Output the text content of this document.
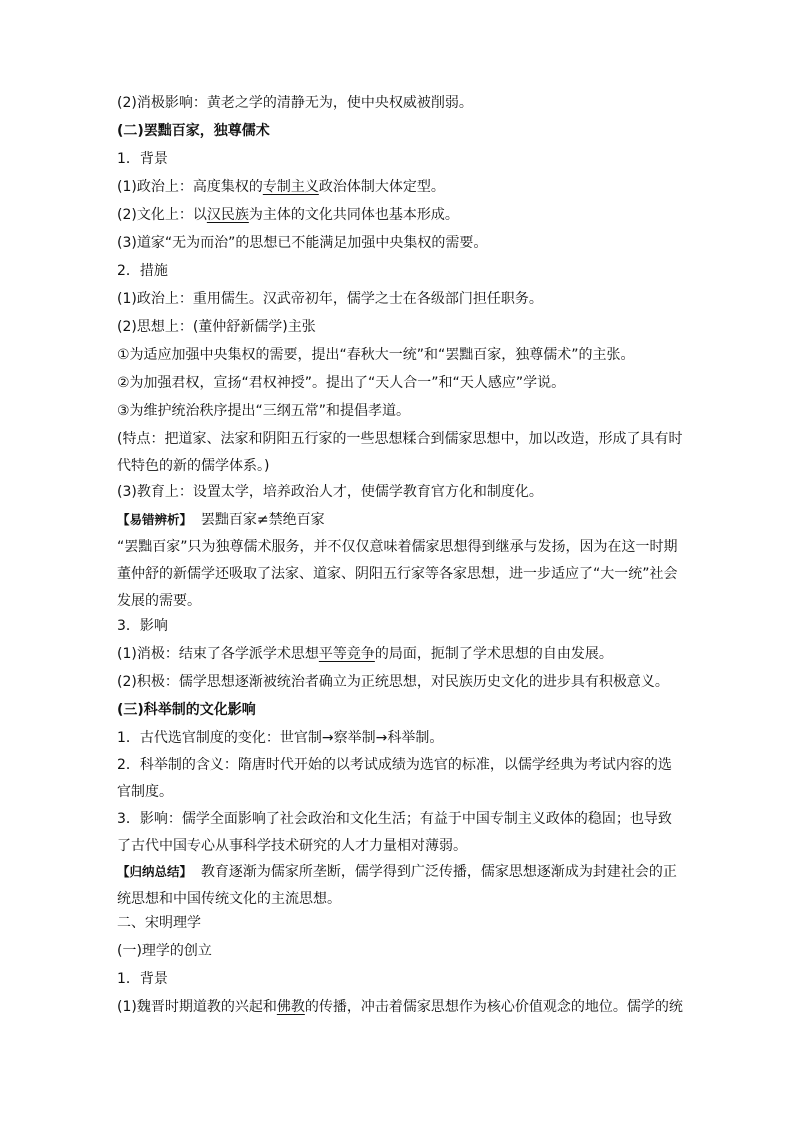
(2)消极影响：黄老之学的清静无为，使中央权威被削弱。
(二)罢黜百家，独尊儒术
1．背景
(1)政治上：高度集权的专制主义政治体制大体定型。
(2)文化上：以汉民族为主体的文化共同体也基本形成。
(3)道家“无为而治”的思想已不能满足加强中央集权的需要。
2．措施
(1)政治上：重用儒生。汉武帝初年，儒学之士在各级部门担任职务。
(2)思想上：(董仲舒新儒学)主张
①为适应加强中央集权的需要，提出“春秋大一统”和“罢黜百家，独尊儒术”的主张。
②为加强君权，宣扬“君权神授”。提出了“天人合一”和“天人感应”学说。
③为维护统治秩序提出“三纲五常”和提倡孝道。
(特点：把道家、法家和阴阳五行家的一些思想糅合到儒家思想中，加以改造，形成了具有时代特色的新的儒学体系。)
(3)教育上：设置太学，培养政治人才，使儒学教育官方化和制度化。
【易错辨析】 罢黜百家≠禁绝百家
“罢黜百家”只为独尊儒术服务，并不仅仅意味着儒家思想得到继承与发扬，因为在这一时期董仲舒的新儒学还吸取了法家、道家、阴阳五行家等各家思想，进一步适应了“大一统”社会发展的需要。
3．影响
(1)消极：结束了各学派学术思想平等竞争的局面，扼制了学术思想的自由发展。
(2)积极：儒学思想逐渐被统治者确立为正统思想，对民族历史文化的进步具有积极意义。
(三)科举制的文化影响
1．古代选官制度的变化：世官制→察举制→科举制。
2．科举制的含义：隋唐时代开始的以考试成绩为选官的标准，以儒学经典为考试内容的选官制度。
3．影响：儒学全面影响了社会政治和文化生活；有益于中国专制主义政体的稳固；也导致了古代中国专心从事科学技术研究的人才力量相对薄弱。
【归纳总结】 教育逐渐为儒家所垄断，儒学得到广泛传播，儒家思想逐渐成为封建社会的正统思想和中国传统文化的主流思想。
二、宋明理学
(一)理学的创立
1．背景
(1)魏晋时期道教的兴起和佛教的传播，冲击着儒家思想作为核心价值观念的地位。儒学的统
